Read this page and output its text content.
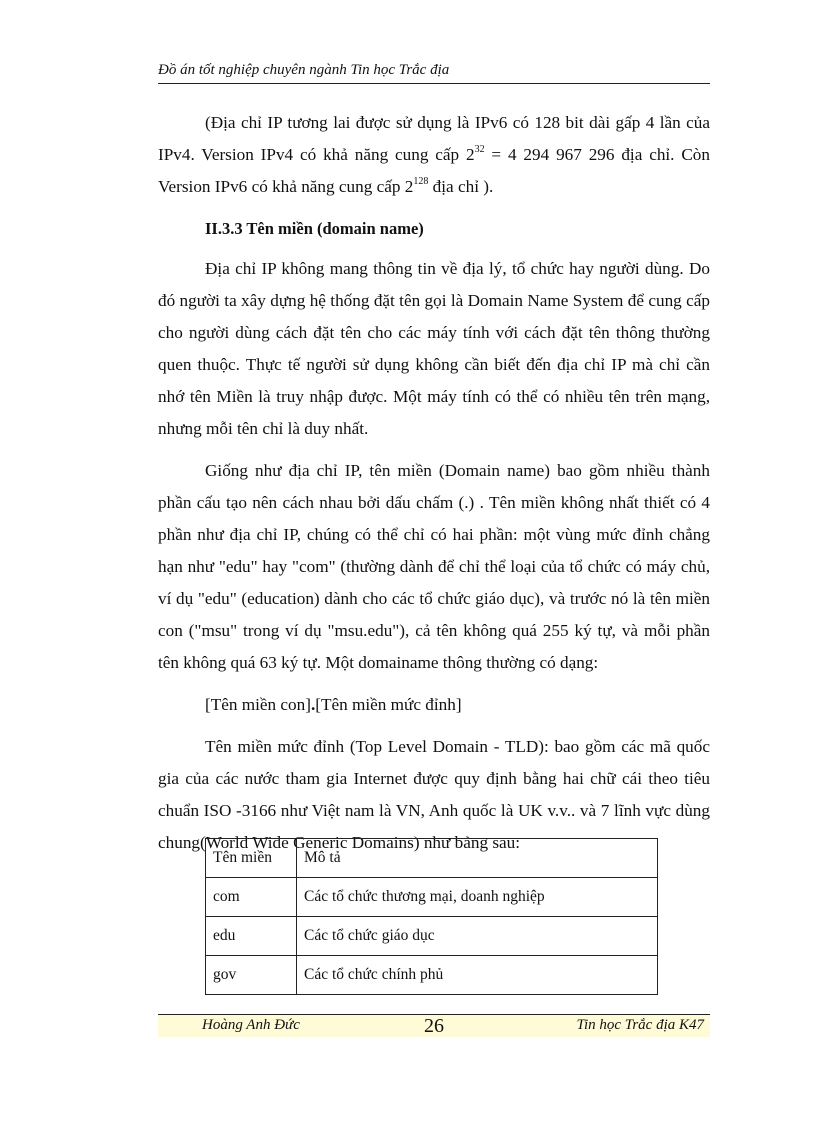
Đồ án tốt nghiệp chuyên ngành Tin học Trắc địa

(Địa chỉ IP tương lai được sử dụng là IPv6 có 128 bit dài gấp 4 lần của IPv4. Version IPv4 có khả năng cung cấp $2^{32} = 4$ 294 967 296 địa chỉ. Còn Version IPv6 có khả năng cung cấp $2^{128}$ địa chỉ ).

II.3.3 Tên miền (domain name)

Địa chỉ IP không mang thông tin về địa lý, tổ chức hay người dùng. Do đó người ta xây dựng hệ thống đặt tên gọi là Domain Name System để cung cấp cho người dùng cách đặt tên cho các máy tính với cách đặt tên thông thường quen thuộc. Thực tế người sử dụng không cần biết đến địa chỉ IP mà chỉ cần nhớ tên Miền là truy nhập được. Một máy tính có thể có nhiều tên trên mạng, nhưng mỗi tên chỉ là duy nhất.

Giống như địa chỉ IP, tên miền (Domain name) bao gồm nhiều thành phần cấu tạo nên cách nhau bởi dấu chấm (.) . Tên miền không nhất thiết có 4 phần như địa chỉ IP, chúng có thể chỉ có hai phần: một vùng mức đỉnh chẳng hạn như "edu" hay "com" (thường dành để chỉ thể loại của tổ chức có máy chủ, ví dụ "edu" (education) dành cho các tổ chức giáo dục), và trước nó là tên miền con ("msu" trong ví dụ "msu.edu"), cả tên không quá 255 ký tự, và mỗi phần tên không quá 63 ký tự. Một domainame thông thường có dạng:

[Tên miền con].[Tên miền mức đỉnh]

Tên miền mức đỉnh (Top Level Domain - TLD): bao gồm các mã quốc gia của các nước tham gia Internet được quy định bằng hai chữ cái theo tiêu chuẩn ISO -3166 như Việt nam là VN, Anh quốc là UK v.v.. và 7 lĩnh vực dùng chung(World Wide Generic Domains) như bảng sau:

Tên miền	Mô tả
com	Các tổ chức thương mại, doanh nghiệp
edu	Các tổ chức giáo dục
gov	Các tổ chức chính phủ
Hoàng Anh Đức	26	Tin học Trắc địa K47
